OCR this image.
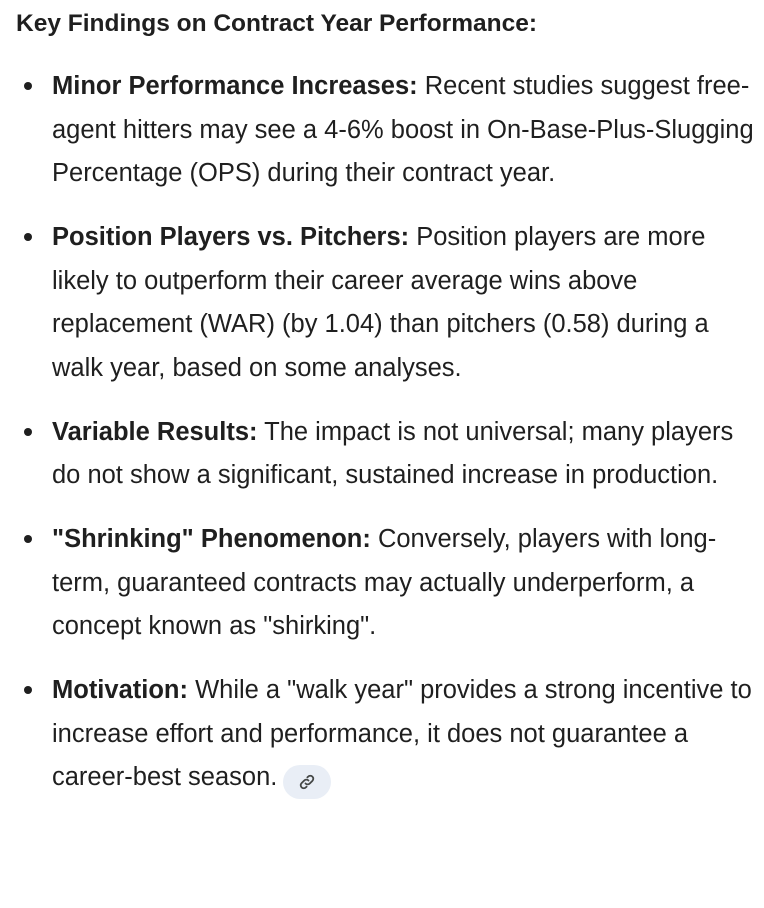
Key Findings on Contract Year Performance:
Minor Performance Increases: Recent studies suggest free-agent hitters may see a 4-6% boost in On-Base-Plus-Slugging Percentage (OPS) during their contract year.
Position Players vs. Pitchers: Position players are more likely to outperform their career average wins above replacement (WAR) (by 1.04) than pitchers (0.58) during a walk year, based on some analyses.
Variable Results: The impact is not universal; many players do not show a significant, sustained increase in production.
"Shrinking" Phenomenon: Conversely, players with long-term, guaranteed contracts may actually underperform, a concept known as "shirking".
Motivation: While a "walk year" provides a strong incentive to increase effort and performance, it does not guarantee a career-best season.
